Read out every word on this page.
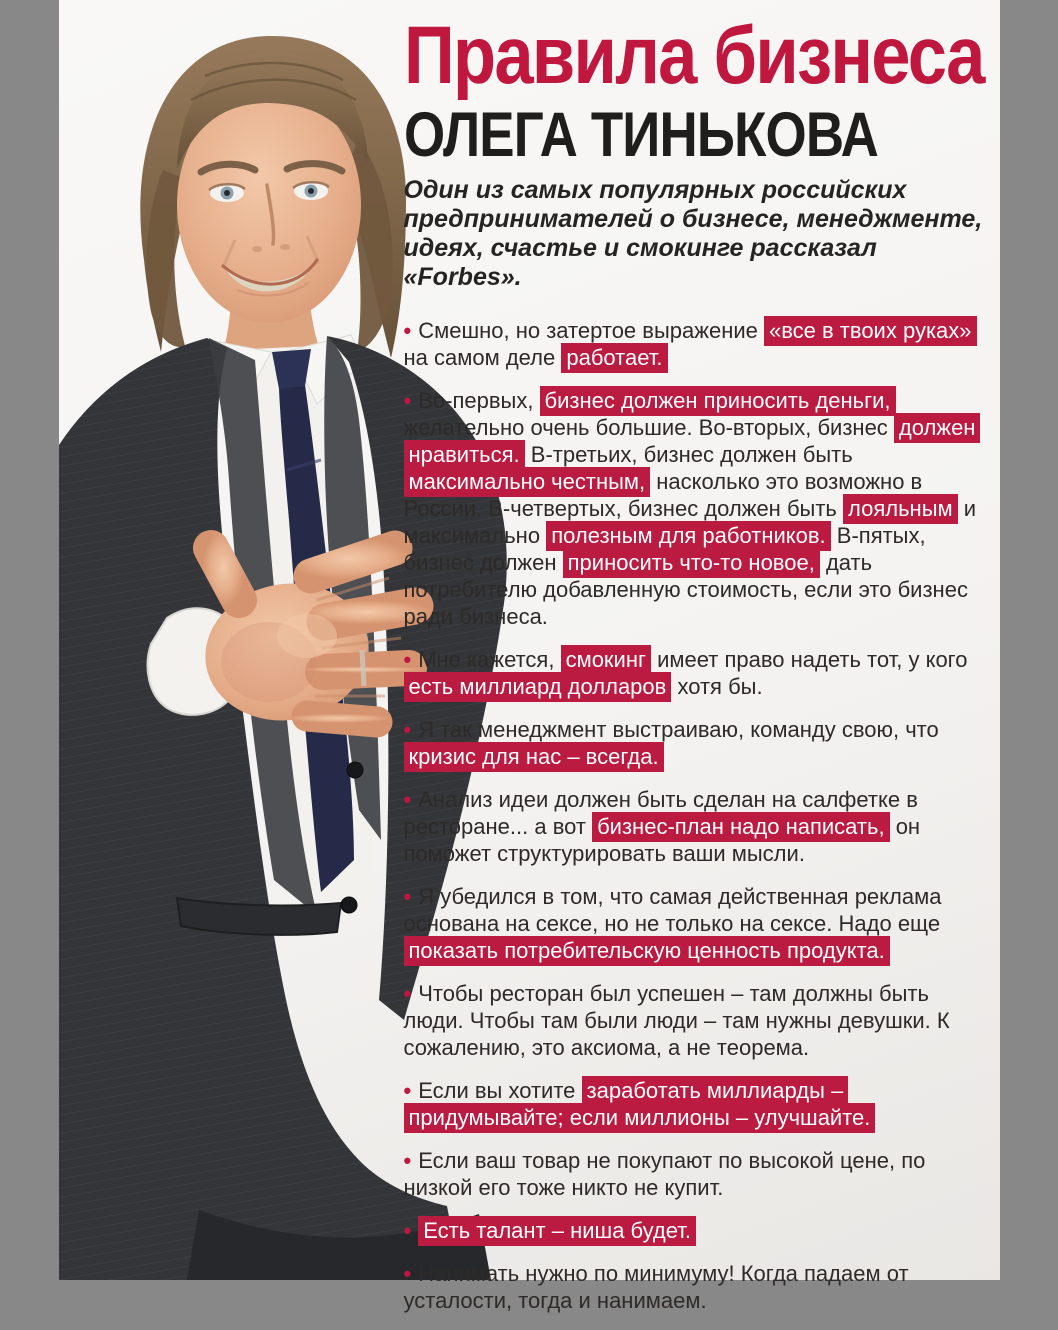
Правила бизнеса
ОЛЕГА ТИНЬКОВА

Один из самых популярных российских предпринимателей о бизнесе, менеджменте, идеях, счастье и смокинге рассказал «Forbes».

• Смешно, но затертое выражение «все в твоих руках» на самом деле работает.

• Во-первых, бизнес должен приносить деньги, желательно очень большие. Во-вторых, бизнес должен нравиться. В-третьих, бизнес должен быть максимально честным, насколько это возможно в России. В-четвертых, бизнес должен быть лояльным и максимально полезным для работников. В-пятых, бизнес должен приносить что-то новое, дать потребителю добавленную стоимость, если это бизнес ради бизнеса.

• Мне кажется, смокинг имеет право надеть тот, у кого есть миллиард долларов хотя бы.

• Я так менеджмент выстраиваю, команду свою, что кризис для нас – всегда.

• Анализ идеи должен быть сделан на салфетке в ресторане... а вот бизнес-план надо написать, он поможет структурировать ваши мысли.

• Я убедился в том, что самая действенная реклама основана на сексе, но не только на сексе. Надо еще показать потребительскую ценность продукта.

• Чтобы ресторан был успешен – там должны быть люди. Чтобы там были люди – там нужны девушки. К сожалению, это аксиома, а не теорема.

• Если вы хотите заработать миллиарды –придумывайте; если миллионы – улучшайте.

• Если ваш товар не покупают по высокой цене, по низкой его тоже никто не купит.

• Есть талант – ниша будет.

• Нанимать нужно по минимуму! Когда падаем от усталости, тогда и нанимаем.
